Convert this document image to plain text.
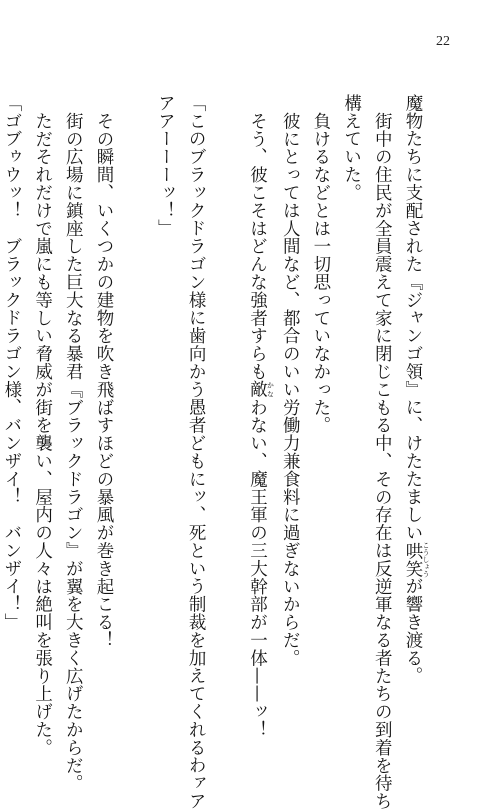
22
魔物たちに支配された『ジャンゴ領』に、けたたましい哄笑 こうしょうが響き渡る。
街中の住民が全員震えて家に閉じこもる中、その存在は反逆軍なる者たちの到着を待ち
構えていた。
負けるなどとは一切思っていなかった。
彼にとっては人間など、都合のいい労働力兼食料に過ぎないからだ。
そう、彼こそはどんな強者すらも敵 かなわない、魔王軍の三大幹部が一体——ッ！
「このブラックドラゴン様に歯向かう愚者どもにッ、死という制裁を加えてくれるわァア
アアーーーッ！」
その瞬間、いくつかの建物を吹き飛ばすほどの暴風が巻き起こる！
街の広場に鎮座した巨大なる暴君『ブラックドラゴン』が翼を大きく広げたからだ。
ただそれだけで嵐にも等しい脅威が街を襲い、屋内の人々は絶叫を張り上げた。
「ゴブゥウッ！　ブラックドラゴン様、バンザイ！　バンザイ！」
